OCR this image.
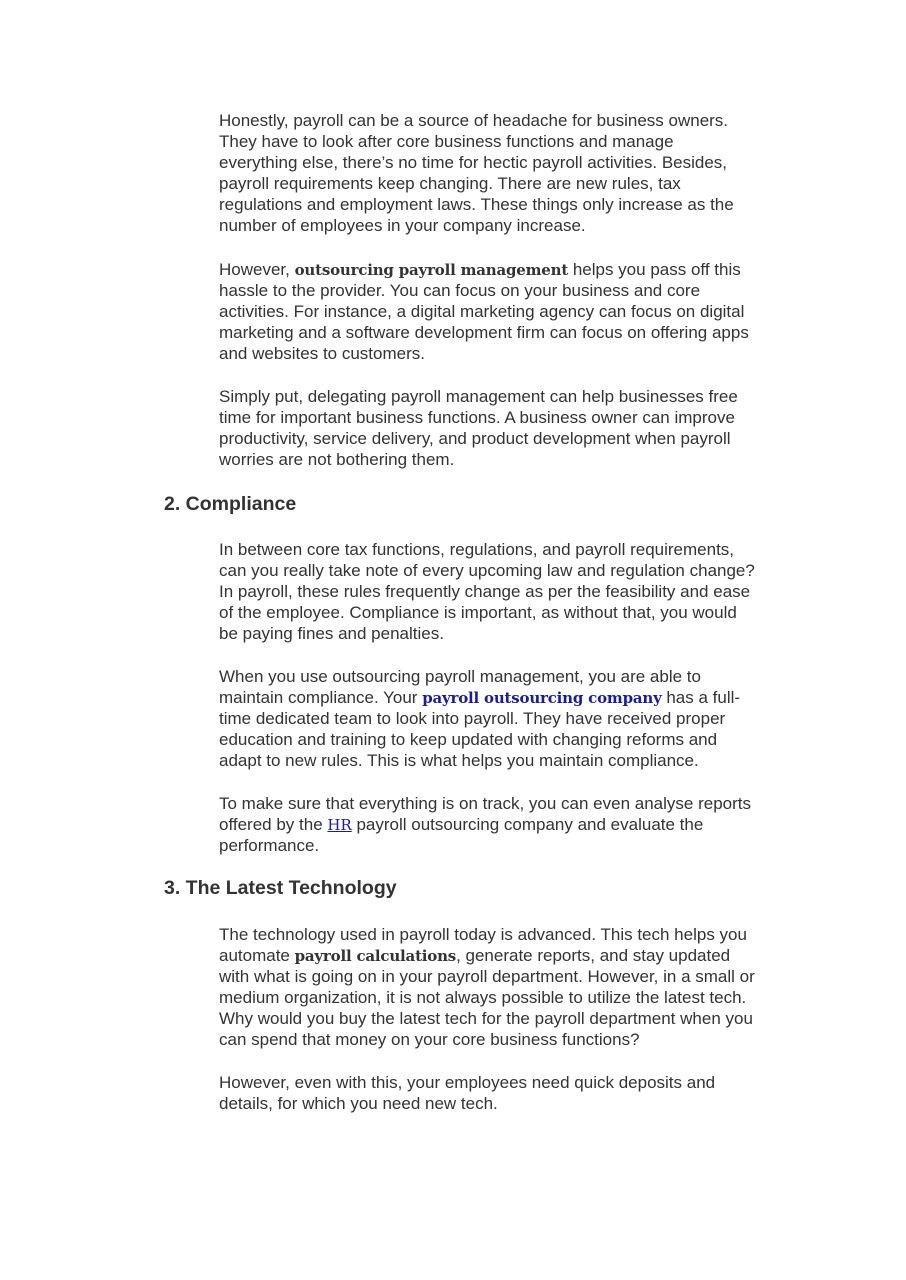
Honestly, payroll can be a source of headache for business owners.
They have to look after core business functions and manage
everything else, there’s no time for hectic payroll activities. Besides,
payroll requirements keep changing. There are new rules, tax
regulations and employment laws. These things only increase as the
number of employees in your company increase.

However, outsourcing payroll management helps you pass off this
hassle to the provider. You can focus on your business and core
activities. For instance, a digital marketing agency can focus on digital
marketing and a software development firm can focus on offering apps
and websites to customers.

Simply put, delegating payroll management can help businesses free
time for important business functions. A business owner can improve
productivity, service delivery, and product development when payroll
worries are not bothering them.

2. Compliance

In between core tax functions, regulations, and payroll requirements,
can you really take note of every upcoming law and regulation change?
In payroll, these rules frequently change as per the feasibility and ease
of the employee. Compliance is important, as without that, you would
be paying fines and penalties.

When you use outsourcing payroll management, you are able to
maintain compliance. Your payroll outsourcing company has a full-
time dedicated team to look into payroll. They have received proper
education and training to keep updated with changing reforms and
adapt to new rules. This is what helps you maintain compliance.

To make sure that everything is on track, you can even analyse reports
offered by the HR payroll outsourcing company and evaluate the
performance.

3. The Latest Technology

The technology used in payroll today is advanced. This tech helps you
automate payroll calculations, generate reports, and stay updated
with what is going on in your payroll department. However, in a small or
medium organization, it is not always possible to utilize the latest tech.
Why would you buy the latest tech for the payroll department when you
can spend that money on your core business functions?

However, even with this, your employees need quick deposits and
details, for which you need new tech.
